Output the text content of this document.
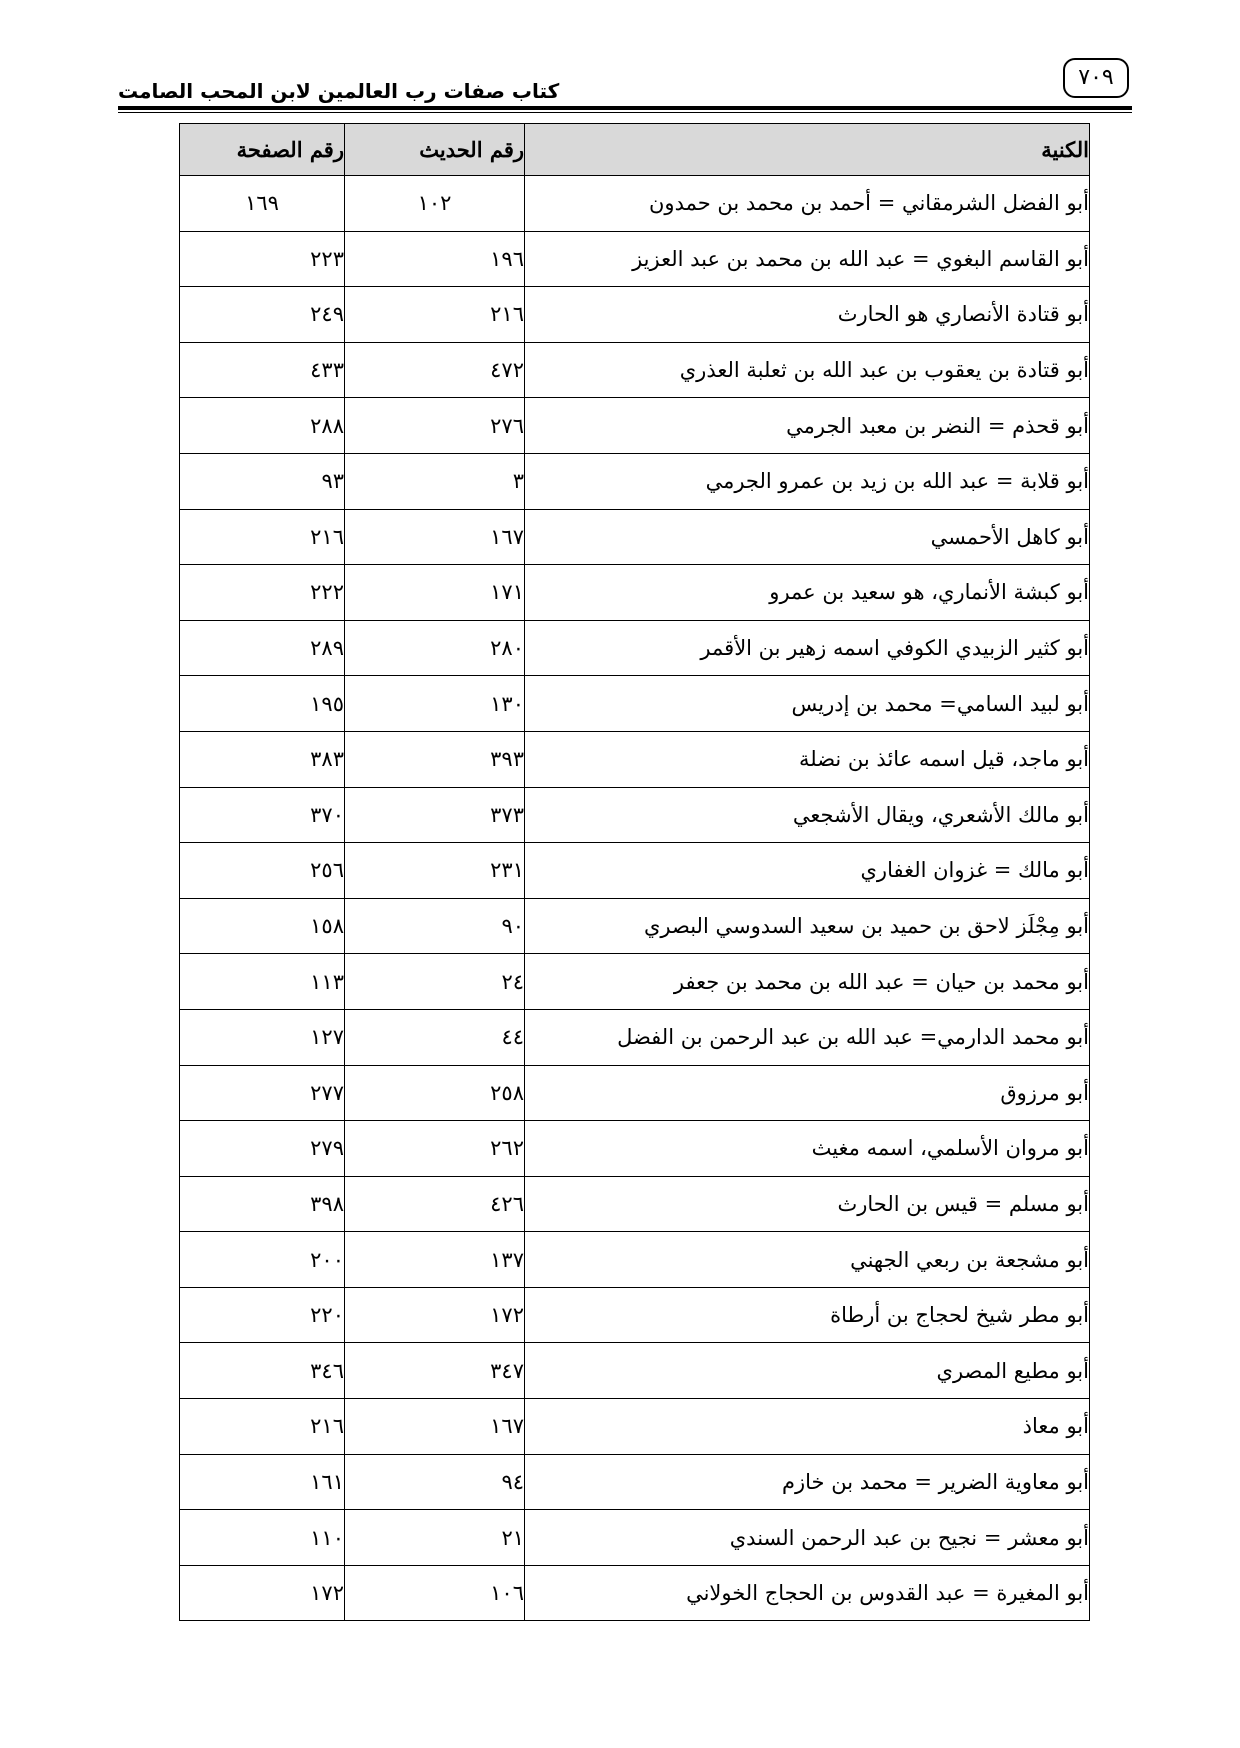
٧٠٩
كتاب صفات رب العالمين لابن المحب الصامت
الكنية	رقم الحديث	رقم الصفحة
أبو الفضل الشرمقاني = أحمد بن محمد بن حمدون	١٠٢	١٦٩
أبو القاسم البغوي = عبد الله بن محمد بن عبد العزيز	١٩٦	٢٢٣
أبو قتادة الأنصاري هو الحارث	٢١٦	٢٤٩
أبو قتادة بن يعقوب بن عبد الله بن ثعلبة العذري	٤٧٢	٤٣٣
أبو قحذم = النضر بن معبد الجرمي	٢٧٦	٢٨٨
أبو قلابة = عبد الله بن زيد بن عمرو الجرمي	٣	٩٣
أبو كاهل الأحمسي	١٦٧	٢١٦
أبو كبشة الأنماري، هو سعيد بن عمرو	١٧١	٢٢٢
أبو كثير الزبيدي الكوفي اسمه زهير بن الأقمر	٢٨٠	٢٨٩
أبو لبيد السامي= محمد بن إدريس	١٣٠	١٩٥
أبو ماجد، قيل اسمه عائذ بن نضلة	٣٩٣	٣٨٣
أبو مالك الأشعري، ويقال الأشجعي	٣٧٣	٣٧٠
أبو مالك = غزوان الغفاري	٢٣١	٢٥٦
أبو مِجْلَز لاحق بن حميد بن سعيد السدوسي البصري	٩٠	١٥٨
أبو محمد بن حيان = عبد الله بن محمد بن جعفر	٢٤	١١٣
أبو محمد الدارمي= عبد الله بن عبد الرحمن بن الفضل	٤٤	١٢٧
أبو مرزوق	٢٥٨	٢٧٧
أبو مروان الأسلمي، اسمه مغيث	٢٦٢	٢٧٩
أبو مسلم = قيس بن الحارث	٤٢٦	٣٩٨
أبو مشجعة بن ربعي الجهني	١٣٧	٢٠٠
أبو مطر شيخ لحجاج بن أرطاة	١٧٢	٢٢٠
أبو مطيع المصري	٣٤٧	٣٤٦
أبو معاذ	١٦٧	٢١٦
أبو معاوية الضرير = محمد بن خازم	٩٤	١٦١
أبو معشر = نجيح بن عبد الرحمن السندي	٢١	١١٠
أبو المغيرة = عبد القدوس بن الحجاج الخولاني	١٠٦	١٧٢
